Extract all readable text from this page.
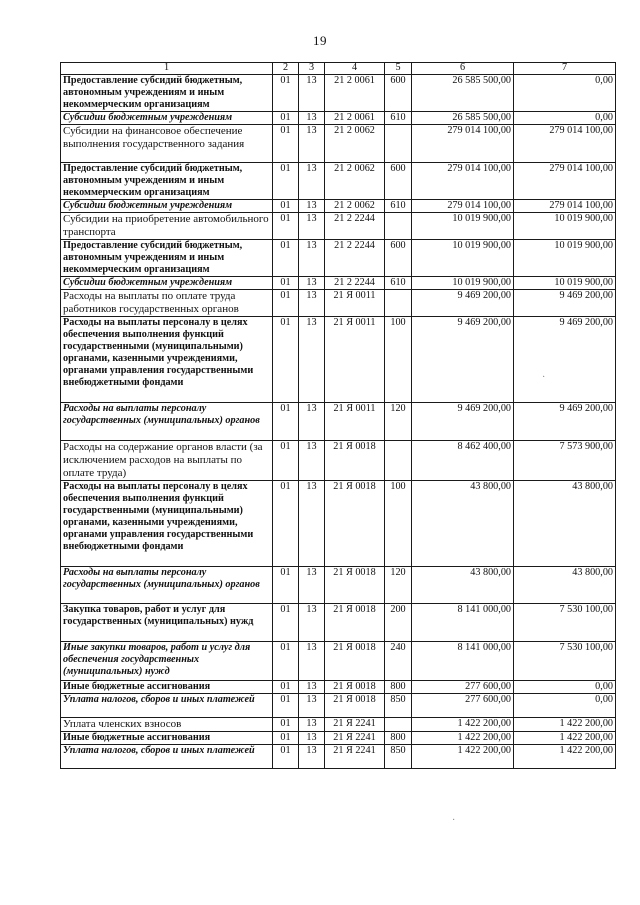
19
1	2	3	4	5	6	7
Предоставление субсидий бюджетным, автономным учреждениям и иным некоммерческим организациям	01	13	21 2 0061	600	26 585 500,00	0,00
Субсидии бюджетным учреждениям	01	13	21 2 0061	610	26 585 500,00	0,00
Субсидии на финансовое обеспечение выполнения государственного задания	01	13	21 2 0062		279 014 100,00	279 014 100,00
Предоставление субсидий бюджетным, автономным учреждениям и иным некоммерческим организациям	01	13	21 2 0062	600	279 014 100,00	279 014 100,00
Субсидии бюджетным учреждениям	01	13	21 2 0062	610	279 014 100,00	279 014 100,00
Субсидии на приобретение автомобильного транспорта	01	13	21 2 2244		10 019 900,00	10 019 900,00
Предоставление субсидий бюджетным, автономным учреждениям и иным некоммерческим организациям	01	13	21 2 2244	600	10 019 900,00	10 019 900,00
Субсидии бюджетным учреждениям	01	13	21 2 2244	610	10 019 900,00	10 019 900,00
Расходы на выплаты по оплате труда работников государственных органов	01	13	21 Я 0011		9 469 200,00	9 469 200,00
Расходы на выплаты персоналу в целях обеспечения выполнения функций государственными (муниципальными) органами, казенными учреждениями, органами управления государственными внебюджетными фондами	01	13	21 Я 0011	100	9 469 200,00	9 469 200,00
Расходы на выплаты персоналу государственных (муниципальных) органов	01	13	21 Я 0011	120	9 469 200,00	9 469 200,00
Расходы на содержание органов власти (за исключением расходов на выплаты по оплате труда)	01	13	21 Я 0018		8 462 400,00	7 573 900,00
Расходы на выплаты персоналу в целях обеспечения выполнения функций государственными (муниципальными) органами, казенными учреждениями, органами управления государственными внебюджетными фондами	01	13	21 Я 0018	100	43 800,00	43 800,00
Расходы на выплаты персоналу государственных (муниципальных) органов	01	13	21 Я 0018	120	43 800,00	43 800,00
Закупка товаров, работ и услуг для государственных (муниципальных) нужд	01	13	21 Я 0018	200	8 141 000,00	7 530 100,00
Иные закупки товаров, работ и услуг для обеспечения государственных (муниципальных) нужд	01	13	21 Я 0018	240	8 141 000,00	7 530 100,00
Иные бюджетные ассигнования	01	13	21 Я 0018	800	277 600,00	0,00
Уплата налогов, сборов и иных платежей	01	13	21 Я 0018	850	277 600,00	0,00
Уплата членских взносов	01	13	21 Я 2241		1 422 200,00	1 422 200,00
Иные бюджетные ассигнования	01	13	21 Я 2241	800	1 422 200,00	1 422 200,00
Уплата налогов, сборов и иных платежей	01	13	21 Я 2241	850	1 422 200,00	1 422 200,00
·
·
